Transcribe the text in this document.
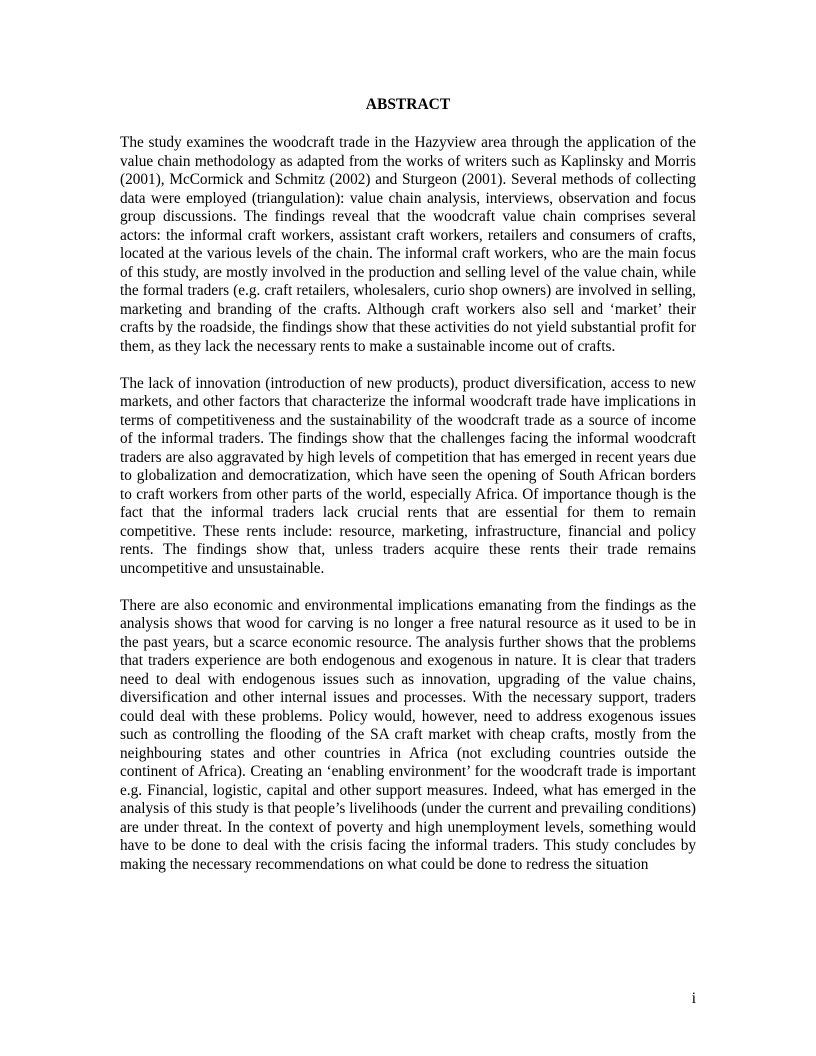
ABSTRACT

The study examines the woodcraft trade in the Hazyview area through the application of the value chain methodology as adapted from the works of writers such as Kaplinsky and Morris (2001), McCormick and Schmitz (2002) and Sturgeon (2001). Several methods of collecting data were employed (triangulation): value chain analysis, interviews, observation and focus group discussions. The findings reveal that the woodcraft value chain comprises several actors: the informal craft workers, assistant craft workers, retailers and consumers of crafts, located at the various levels of the chain. The informal craft workers, who are the main focus of this study, are mostly involved in the production and selling level of the value chain, while the formal traders (e.g. craft retailers, wholesalers, curio shop owners) are involved in selling, marketing and branding of the crafts. Although craft workers also sell and ‘market’ their crafts by the roadside, the findings show that these activities do not yield substantial profit for them, as they lack the necessary rents to make a sustainable income out of crafts.

The lack of innovation (introduction of new products), product diversification, access to new markets, and other factors that characterize the informal woodcraft trade have implications in terms of competitiveness and the sustainability of the woodcraft trade as a source of income of the informal traders. The findings show that the challenges facing the informal woodcraft traders are also aggravated by high levels of competition that has emerged in recent years due to globalization and democratization, which have seen the opening of South African borders to craft workers from other parts of the world, especially Africa. Of importance though is the fact that the informal traders lack crucial rents that are essential for them to remain competitive. These rents include: resource, marketing, infrastructure, financial and policy rents. The findings show that, unless traders acquire these rents their trade remains uncompetitive and unsustainable.

There are also economic and environmental implications emanating from the findings as the analysis shows that wood for carving is no longer a free natural resource as it used to be in the past years, but a scarce economic resource. The analysis further shows that the problems that traders experience are both endogenous and exogenous in nature. It is clear that traders need to deal with endogenous issues such as innovation, upgrading of the value chains, diversification and other internal issues and processes. With the necessary support, traders could deal with these problems. Policy would, however, need to address exogenous issues such as controlling the flooding of the SA craft market with cheap crafts, mostly from the neighbouring states and other countries in Africa (not excluding countries outside the continent of Africa). Creating an ‘enabling environment’ for the woodcraft trade is important e.g. Financial, logistic, capital and other support measures. Indeed, what has emerged in the analysis of this study is that people’s livelihoods (under the current and prevailing conditions) are under threat. In the context of poverty and high unemployment levels, something would have to be done to deal with the crisis facing the informal traders. This study concludes by making the necessary recommendations on what could be done to redress the situation

i
